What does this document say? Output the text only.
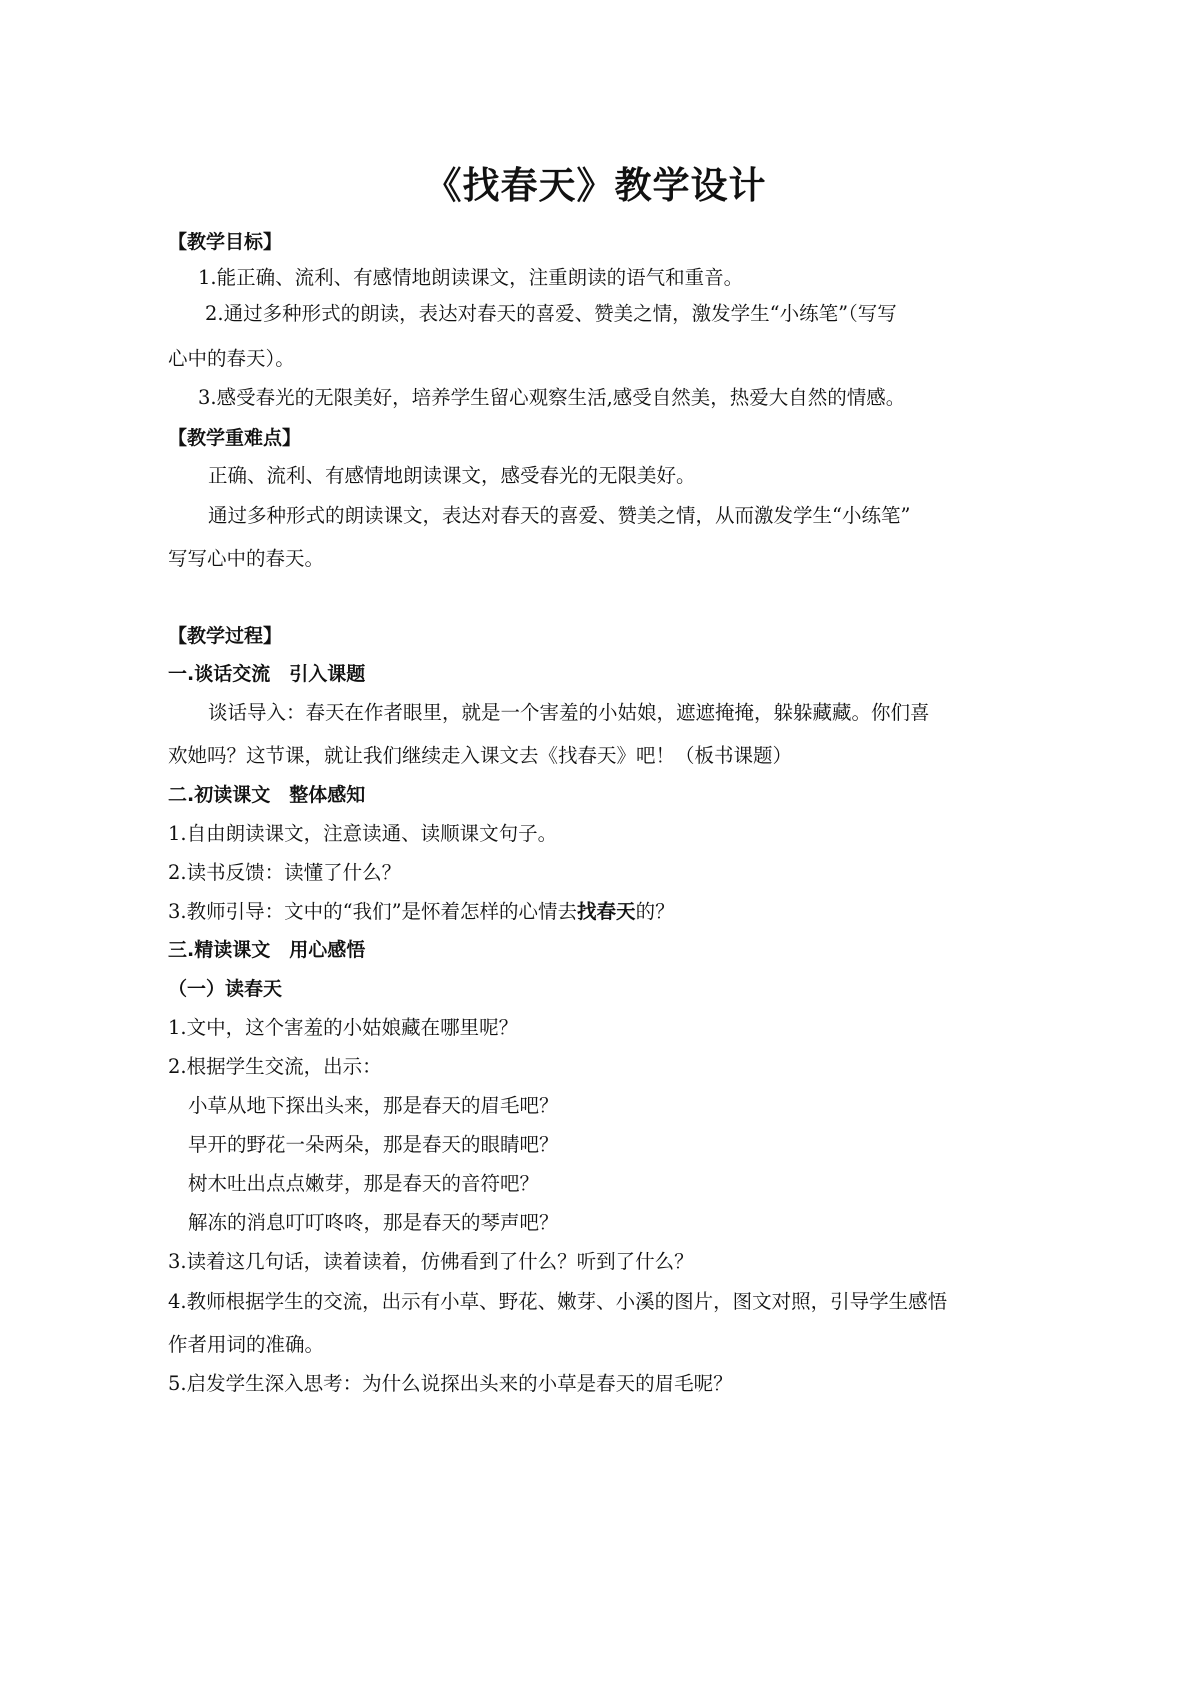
《找春天》教学设计

【教学目标】

1.能正确、流利、有感情地朗读课文，注重朗读的语气和重音。

2.通过多种形式的朗读，表达对春天的喜爱、赞美之情，激发学生“小练笔”（写写

心中的春天）。

3.感受春光的无限美好，培养学生留心观察生活,感受自然美，热爱大自然的情感。

【教学重难点】

正确、流利、有感情地朗读课文，感受春光的无限美好。

通过多种形式的朗读课文，表达对春天的喜爱、赞美之情，从而激发学生“小练笔”

写写心中的春天。

【教学过程】

一.谈话交流　引入课题

谈话导入：春天在作者眼里，就是一个害羞的小姑娘，遮遮掩掩，躲躲藏藏。你们喜

欢她吗？这节课，就让我们继续走入课文去《找春天》吧！（板书课题）

二.初读课文　整体感知

1.自由朗读课文，注意读通、读顺课文句子。

2.读书反馈：读懂了什么？

3.教师引导：文中的“我们”是怀着怎样的心情去找春天的？

三.精读课文　用心感悟

（一）读春天

1.文中，这个害羞的小姑娘藏在哪里呢？

2.根据学生交流，出示：

小草从地下探出头来，那是春天的眉毛吧？

早开的野花一朵两朵，那是春天的眼睛吧？

树木吐出点点嫩芽，那是春天的音符吧？

解冻的消息叮叮咚咚，那是春天的琴声吧？

3.读着这几句话，读着读着，仿佛看到了什么？听到了什么？

4.教师根据学生的交流，出示有小草、野花、嫩芽、小溪的图片，图文对照，引导学生感悟

作者用词的准确。

5.启发学生深入思考：为什么说探出头来的小草是春天的眉毛呢？
